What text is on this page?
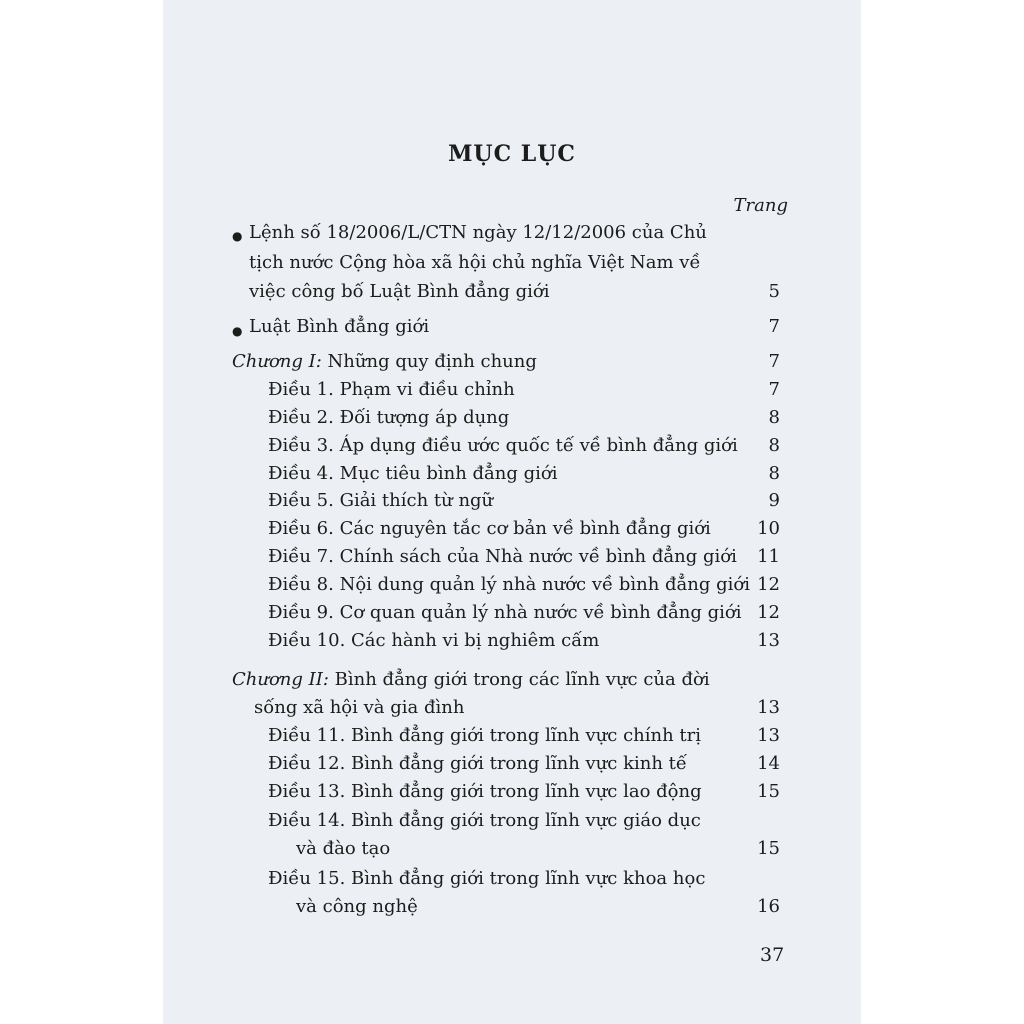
MỤC LỤC
Trang
● Lệnh số 18/2006/L/CTN ngày 12/12/2006 của Chủ
tịch nước Cộng hòa xã hội chủ nghĩa Việt Nam về
việc công bố Luật Bình đẳng giới	5
● Luật Bình đẳng giới	7
Chương I: Những quy định chung	7
Điều 1. Phạm vi điều chỉnh	7
Điều 2. Đối tượng áp dụng	8
Điều 3. Áp dụng điều ước quốc tế về bình đẳng giới 8
Điều 4. Mục tiêu bình đẳng giới	8
Điều 5. Giải thích từ ngữ	9
Điều 6. Các nguyên tắc cơ bản về bình đẳng giới	10
Điều 7. Chính sách của Nhà nước về bình đẳng giới 11
Điều 8. Nội dung quản lý nhà nước về bình đẳng giới 12
Điều 9. Cơ quan quản lý nhà nước về bình đẳng giới 12
Điều 10. Các hành vi bị nghiêm cấm	13
Chương II: Bình đẳng giới trong các lĩnh vực của đời
sống xã hội và gia đình	13
Điều 11. Bình đẳng giới trong lĩnh vực chính trị	13
Điều 12. Bình đẳng giới trong lĩnh vực kinh tế	14
Điều 13. Bình đẳng giới trong lĩnh vực lao động	15
Điều 14. Bình đẳng giới trong lĩnh vực giáo dục
và đào tạo	15
Điều 15. Bình đẳng giới trong lĩnh vực khoa học
và công nghệ	16
37
